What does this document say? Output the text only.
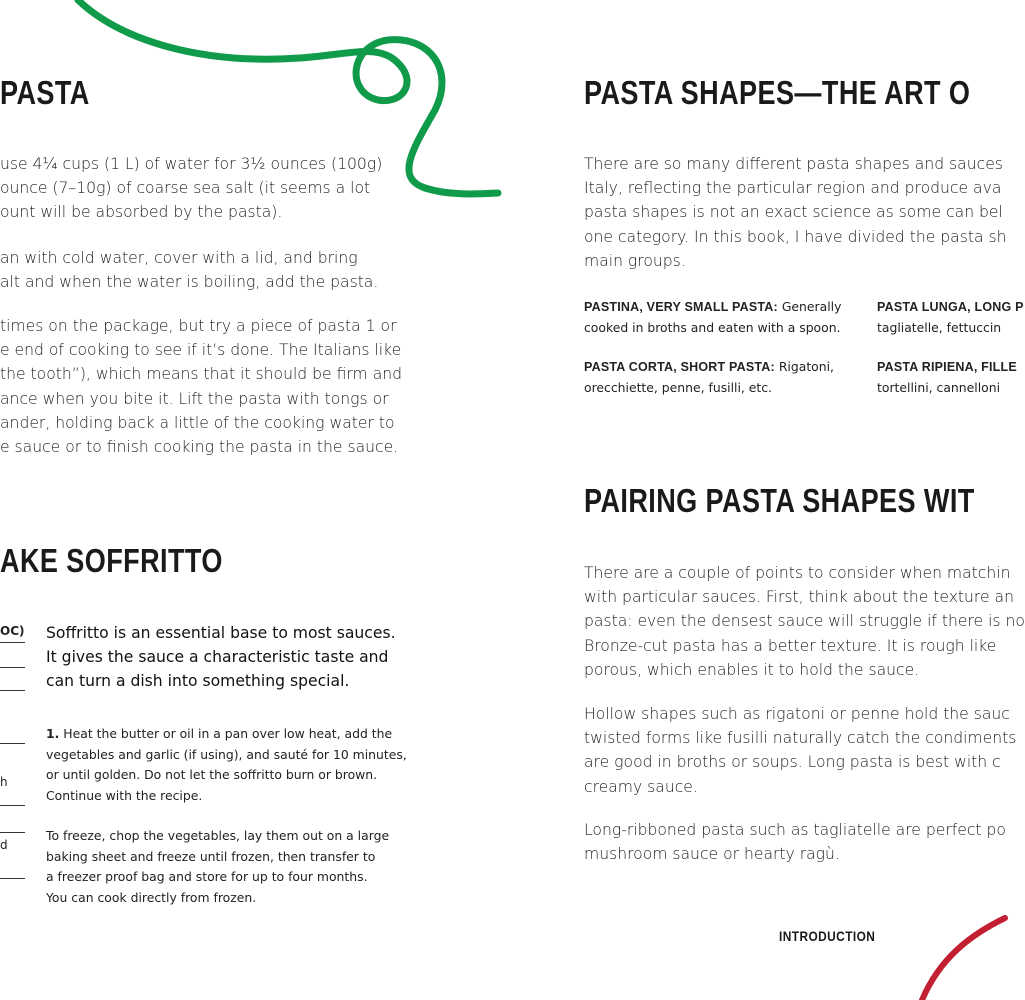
PASTA
use 4¼ cups (1 L) of water for 3½ ounces (100g)
ounce (7–10g) of coarse sea salt (it seems a lot
ount will be absorbed by the pasta).
an with cold water, cover with a lid, and bring
alt and when the water is boiling, add the pasta.
times on the package, but try a piece of pasta 1 or
e end of cooking to see if it’s done. The Italians like
the tooth”), which means that it should be firm and
ance when you bite it. Lift the pasta with tongs or
ander, holding back a little of the cooking water to
e sauce or to finish cooking the pasta in the sauce.
AKE SOFFRITTO
OC)
h
d
Soffritto is an essential base to most sauces.
It gives the sauce a characteristic taste and
can turn a dish into something special.
1. Heat the butter or oil in a pan over low heat, add the
vegetables and garlic (if using), and sauté for 10 minutes,
or until golden. Do not let the soffritto burn or brown.
Continue with the recipe.
To freeze, chop the vegetables, lay them out on a large
baking sheet and freeze until frozen, then transfer to
a freezer proof bag and store for up to four months.
You can cook directly from frozen.
PASTA SHAPES—THE ART O
There are so many different pasta shapes and sauces
Italy, reflecting the particular region and produce ava
pasta shapes is not an exact science as some can bel
one category. In this book, I have divided the pasta sh
main groups.
PASTINA, VERY SMALL PASTA: Generally
cooked in broths and eaten with a spoon.
PASTA CORTA, SHORT PASTA: Rigatoni,
orecchiette, penne, fusilli, etc.
PASTA LUNGA, LONG P
tagliatelle, fettuccin
PASTA RIPIENA, FILLE
tortellini, cannelloni
PAIRING PASTA SHAPES WIT
There are a couple of points to consider when matchin
with particular sauces. First, think about the texture an
pasta: even the densest sauce will struggle if there is no
Bronze-cut pasta has a better texture. It is rough like
porous, which enables it to hold the sauce.
Hollow shapes such as rigatoni or penne hold the sauc
twisted forms like fusilli naturally catch the condiments
are good in broths or soups. Long pasta is best with c
creamy sauce.
Long-ribboned pasta such as tagliatelle are perfect po
mushroom sauce or hearty ragù.
INTRODUCTION
